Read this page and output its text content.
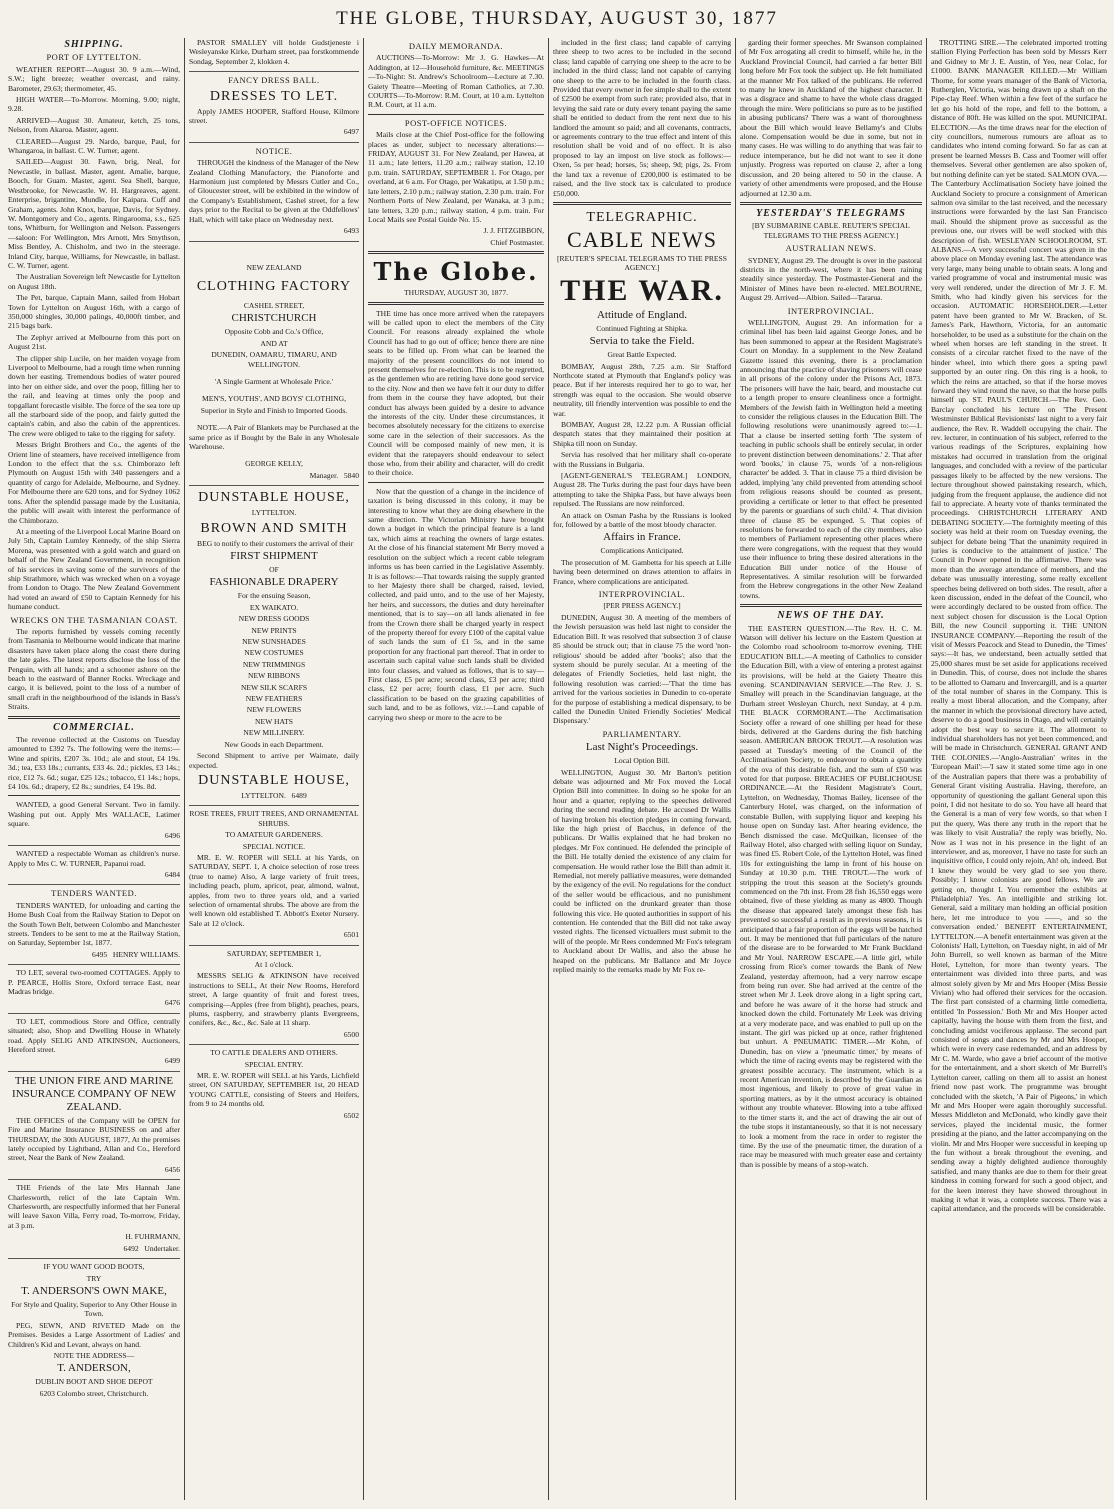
THE GLOBE, THURSDAY, AUGUST 30, 1877
SHIPPING.
PORT OF LYTTELTON.

WEATHER REPORT—August 30. 9 a.m.—Wind, S.W.; light breeze; weather overcast, and rainy. Barometer, 29.63; thermometer, 45.

HIGH WATER—To-Morrow. Morning, 9.00; night, 9.28.

ARRIVED—August 30. Amateur, ketch, 25 tons, Nelson, from Akaroa. Master, agent.

CLEARED—August 29. Nardo, barque, Paul, for Whangaroa, in ballast. C. W. Turner, agent.

SAILED—August 30. Fawn, brig, Neal, for Newcastle, in ballast. Master, agent. Amalie, barque, Booch, for Guam. Master, agent. Sea Shell, barque, Westbrooke, for Newcastle. W. H. Hargreaves, agent. Enterprise, brigantine, Mundle, for Kaipara. Cuff and Graham, agents. John Knox, barque, Davis, for Sydney. W. Montgomery and Co., agents. Ringarooma, s.s., 625 tons, Whitburn, for Wellington and Nelson. Passengers—saloon: For Wellington, Mrs Arnott, Mrs Smythson, Miss Bentley, A. Chisholm, and two in the steerage. Inland City, barque, Williams, for Newcastle, in ballast. C. W. Turner, agent.

The Australian Sovereign left Newcastle for Lyttelton on August 18th.

The Pet, barque, Captain Mann, sailed from Hobart Town for Lyttelton on August 16th, with a cargo of 350,000 shingles, 30,000 palings, 40,000ft timber, and 215 bags bark.

The Zephyr arrived at Melbourne from this port on August 21st.

The clipper ship Lucile, on her maiden voyage from Liverpool to Melbourne, had a rough time when running down her easting. Tremendous bodies of water poured into her on either side, and over the poop, filling her to the rail, and leaving at times only the poop and topgallant forecastle visible. The force of the sea tore up all the starboard side of the poop, and fairly gutted the captain's cabin, and also the cabin of the apprentices. The crew were obliged to take to the rigging for safety.

Messrs Bright Brothers and Co., the agents of the Orient line of steamers, have received intelligence from London to the effect that the s.s. Chimborazo left Plymouth on August 15th with 340 passengers and a quantity of cargo for Adelaide, Melbourne, and Sydney. For Melbourne there are 620 tons, and for Sydney 1062 tons. After the splendid passage made by the Lusitania, the public will await with interest the performance of the Chimborazo.

At a meeting of the Liverpool Local Marine Board on July 5th, Captain Lumley Kennedy, of the ship Sierra Morena, was presented with a gold watch and guard on behalf of the New Zealand Government, in recognition of his services in saving some of the survivors of the ship Strathmore, which was wrecked when on a voyage from London to Otago. The New Zealand Government had voted an award of £50 to Captain Kennedy for his humane conduct.

WRECKS ON THE TASMANIAN COAST.

The reports furnished by vessels coming recently from Tasmania to Melbourne would indicate that marine disasters have taken place along the coast there during the late gales. The latest reports disclose the loss of the Penguin, with all hands; and a schooner ashore on the beach to the eastward of Banner Rocks. Wreckage and cargo, it is believed, point to the loss of a number of small craft in the neighbourhood of the islands in Bass's Straits.

COMMERCIAL.

The revenue collected at the Customs on Tuesday amounted to £392 7s. The following were the items:—Wine and spirits, £207 3s. 10d.; ale and stout, £4 19s. 3d.; tea, £33 18s.; currants, £33 4s. 2d.; pickles, £3 14s.; rice, £12 7s. 6d.; sugar, £25 12s.; tobacco, £1 14s.; hops, £4 10s. 6d.; drapery, £2 8s.; sundries, £4 19s. 8d.

WANTED, a good General Servant. Two in family. Washing put out. Apply Mrs WALLACE, Latimer square.

6496

WANTED a respectable Woman as children's nurse. Apply to Mrs C. W. TURNER, Papanui road.

6484

TENDERS WANTED.

TENDERS WANTED, for unloading and carting the Home Bush Coal from the Railway Station to Depot on the South Town Belt, between Colombo and Manchester streets. Tenders to be sent to me at the Railway Station, on Saturday, September 1st, 1877.

6495 HENRY WILLIAMS.

TO LET, several two-roomed COTTAGES. Apply to P. PEARCE, Hollis Store, Oxford terrace East, near Madras bridge.

6476

TO LET, commodious Store and Office, centrally situated; also, Shop and Dwelling House in Whately road. Apply SELIG AND ATKINSON, Auctioneers, Hereford street.

6499

THE UNION FIRE AND MARINE INSURANCE COMPANY OF NEW ZEALAND.

THE OFFICES of the Company will be OPEN for Fire and Marine Insurance BUSINESS on and after THURSDAY, the 30th AUGUST, 1877, At the premises lately occupied by Lightband, Allan and Co., Hereford street, Near the Bank of New Zealand.

6456

THE Friends of the late Mrs Hannah Jane Charlesworth, relict of the late Captain Wm. Charlesworth, are respectfully informed that her Funeral will leave Saxon Villa, Ferry road, To-morrow, Friday, at 3 p.m.

H. FUHRMANN,

6492 Undertaker.

IF YOU WANT GOOD BOOTS,

TRY

T. ANDERSON'S OWN MAKE,

For Style and Quality, Superior to Any Other House in Town.

PEG, SEWN, AND RIVETED Made on the Premises. Besides a Large Assortment of Ladies' and Children's Kid and Levant, always on hand.

NOTE THE ADDRESS—

T. ANDERSON,

DUBLIN BOOT AND SHOE DEPOT

6203 Colombo street, Christchurch.

PASTOR SMALLEY vill holde Gudstjeneste i Wesleyanske Kirke, Durham street, paa forstkommende Sondag, September 2, klokken 4.

FANCY DRESS BALL.

DRESSES TO LET.

Apply JAMES HOOPER, Stafford House, Kilmore street.

6497

NOTICE.

THROUGH the kindness of the Manager of the New Zealand Clothing Manufactory, the Pianoforte and Harmonium just completed by Messrs Cutler and Co., of Gloucester street, will be exhibited in the window of the Company's Establishment, Cashel street, for a few days prior to the Recital to be given at the Oddfellows' Hall, which will take place on Wednesday next.

6493

NEW ZEALAND

CLOTHING FACTORY

CASHEL STREET,

CHRISTCHURCH

Opposite Cobb and Co.'s Office,

AND AT

DUNEDIN, OAMARU, TIMARU, AND WELLINGTON.

'A Single Garment at Wholesale Price.'

MEN'S, YOUTHS', AND BOYS' CLOTHING,

Superior in Style and Finish to Imported Goods.

NOTE.—A Pair of Blankets may be Purchased at the same price as if Bought by the Bale in any Wholesale Warehouse.

GEORGE KELLY,

Manager. 5840

DUNSTABLE HOUSE,

LYTTELTON.

BROWN AND SMITH

BEG to notify to their customers the arrival of their

FIRST SHIPMENT

OF

FASHIONABLE DRAPERY

For the ensuing Season,

EX WAIKATO.

NEW DRESS GOODS

NEW PRINTS

NEW SUNSHADES

NEW COSTUMES

NEW TRIMMINGS

NEW RIBBONS

NEW SILK SCARFS

NEW FEATHERS

NEW FLOWERS

NEW HATS

NEW MILLINERY.

New Goods in each Department.

Second Shipment to arrive per Waimate, daily expected.

DUNSTABLE HOUSE,

LYTTELTON. 6489

ROSE TREES, FRUIT TREES, AND ORNAMENTAL SHRUBS.

TO AMATEUR GARDENERS.

SPECIAL NOTICE.

MR. E. W. ROPER will SELL at his Yards, on SATURDAY, SEPT. 1, A choice selection of rose trees (true to name) Also, A large variety of fruit trees, including peach, plum, apricot, pear, almond, walnut, apples, from two to three years old, and a varied selection of ornamental shrubs. The above are from the well known old established T. Abbott's Exeter Nursery. Sale at 12 o'clock.

6501

SATURDAY, SEPTEMBER 1,

At 1 o'clock.

MESSRS SELIG & ATKINSON have received instructions to SELL, At their New Rooms, Hereford street, A large quantity of fruit and forest trees, comprising—Apples (free from blight), peaches, pears, plums, raspberry, and strawberry plants Evergreens, conifers, &c., &c., &c. Sale at 11 sharp.

6500

TO CATTLE DEALERS AND OTHERS.

SPECIAL ENTRY.

MR. E. W. ROPER will SELL at his Yards, Lichfield street, ON SATURDAY, SEPTEMBER 1st, 20 HEAD YOUNG CATTLE, consisting of Steers and Heifers, from 9 to 24 months old.

6502

DAILY MEMORANDA.

AUCTIONS—To-Morrow: Mr J. G. Hawkes—At Addington, at 12—Household furniture, &c. MEETINGS—To-Night: St. Andrew's Schoolroom—Lecture at 7.30. Gaiety Theatre—Meeting of Roman Catholics, at 7.30. COURTS—To-Morrow: R.M. Court, at 10 a.m. Lyttelton R.M. Court, at 11 a.m.

POST-OFFICE NOTICES.

Mails close at the Chief Post-office for the following places as under, subject to necessary alterations:— FRIDAY, AUGUST 31. For New Zealand, per Hawea, at 11 a.m.; late letters, 11.20 a.m.; railway station, 12.10 p.m. train. SATURDAY, SEPTEMBER 1. For Otago, per overland, at 6 a.m. For Otago, per Wakatipu, at 1.50 p.m.; late letters, 2.10 p.m.; railway station, 2.30 p.m. train. For Northern Ports of New Zealand, per Wanaka, at 3 p.m.; late letters, 3.20 p.m.; railway station, 4 p.m. train. For Local Mails see Postal Guide No. 15.

J. J. FITZGIBBON,

Chief Postmaster.

The Globe.

THURSDAY, AUGUST 30, 1877.

THE time has once more arrived when the ratepayers will be called upon to elect the members of the City Council. For reasons already explained the whole Council has had to go out of office; hence there are nine seats to be filled up. From what can be learned the majority of the present councillors do not intend to present themselves for re-election. This is to be regretted, as the gentlemen who are retiring have done good service to the city. Now and then we have felt it our duty to differ from them in the course they have adopted, but their conduct has always been guided by a desire to advance the interests of the city. Under these circumstances, it becomes absolutely necessary for the citizens to exercise some care in the selection of their successors. As the Council will be composed mainly of new men, it is evident that the ratepayers should endeavour to select those who, from their ability and character, will do credit to their choice.

Now that the question of a change in the incidence of taxation is being discussed in this colony, it may be interesting to know what they are doing elsewhere in the same direction. The Victorian Ministry have brought down a budget in which the principal feature is a land tax, which aims at reaching the owners of large estates. At the close of his financial statement Mr Berry moved a resolution on the subject which a recent cable telegram informs us has been carried in the Legislative Assembly. It is as follows:—That towards raising the supply granted to her Majesty there shall be charged, raised, levied, collected, and paid unto, and to the use of her Majesty, her heirs, and successors, the duties and duty hereinafter mentioned, that is to say—on all lands alienated in fee from the Crown there shall be charged yearly in respect of the property thereof for every £100 of the capital value of such lands the sum of £1 5s, and in the same proportion for any fractional part thereof. That in order to ascertain such capital value such lands shall be divided into four classes, and valued as follows, that is to say—First class, £5 per acre; second class, £3 per acre; third class, £2 per acre; fourth class, £1 per acre. Such classification to be based on the grazing capabilities of such land, and to be as follows, viz.:—Land capable of carrying two sheep or more to the acre to be

included in the first class; land capable of carrying three sheep to two acres to be included in the second class; land capable of carrying one sheep to the acre to be included in the third class; land not capable of carrying one sheep to the acre to be included in the fourth class. Provided that every owner in fee simple shall to the extent of £2500 be exempt from such rate; provided also, that in levying the said rate or duty every tenant paying the same shall be entitled to deduct from the rent next due to his landlord the amount so paid; and all covenants, contracts, or agreements contrary to the true effect and intent of this resolution shall be void and of no effect. It is also proposed to lay an impost on live stock as follows:—Oxen, 5s per head; horses, 5s; sheep, 9d; pigs, 2s. From the land tax a revenue of £200,000 is estimated to be raised, and the live stock tax is calculated to produce £50,000.

TELEGRAPHIC.

CABLE NEWS

[REUTER'S SPECIAL TELEGRAMS TO THE PRESS AGENCY.]

THE WAR.

Attitude of England.

Continued Fighting at Shipka.

Servia to take the Field.

Great Battle Expected.

BOMBAY, August 28th, 7.25 a.m. Sir Stafford Northcote stated at Plymouth that England's policy was peace. But if her interests required her to go to war, her strength was equal to the occasion. She would observe neutrality, till friendly intervention was possible to end the war.

BOMBAY, August 28, 12.22 p.m. A Russian official despatch states that they maintained their position at Shipka till noon on Sunday.

Servia has resolved that her military shall co-operate with the Russians in Bulgaria.

[AGENT-GENERAL'S TELEGRAM.] LONDON, August 28. The Turks during the past four days have been attempting to take the Shipka Pass, but have always been repulsed. The Russians are now reinforced.

An attack on Osman Pasha by the Russians is looked for, followed by a battle of the most bloody character.

Affairs in France.

Complications Anticipated.

The prosecution of M. Gambetta for his speech at Lille having been determined on draws attention to affairs in France, where complications are anticipated.

INTERPROVINCIAL.

[PER PRESS AGENCY.]

DUNEDIN, August 30. A meeting of the members of the Jewish persuasion was held last night to consider the Education Bill. It was resolved that subsection 3 of clause 85 should be struck out; that in clause 75 the word 'non-religious' should be added after 'books'; also that the system should be purely secular. At a meeting of the delegates of Friendly Societies, held last night, the following resolution was carried:—'That the time has arrived for the various societies in Dunedin to co-operate for the purpose of establishing a medical dispensary, to be called the Dunedin United Friendly Societies' Medical Dispensary.'

PARLIAMENTARY.

Last Night's Proceedings.

Local Option Bill.

WELLINGTON, August 30. Mr Barton's petition debate was adjourned and Mr Fox moved the Local Option Bill into committee. In doing so he spoke for an hour and a quarter, replying to the speeches delivered during the second reading debate. He accused Dr Wallis of having broken his election pledges in coming forward, like the high priest of Bacchus, in defence of the publicans. Dr Wallis explained that he had broken no pledges. Mr Fox continued. He defended the principle of the Bill. He totally denied the existence of any claim for compensation. He would rather lose the Bill than admit it. Remedial, not merely palliative measures, were demanded by the exigency of the evil. No regulations for the conduct of the seller would be efficacious, and no punishment could be inflicted on the drunkard greater than those following this vice. He quoted authorities in support of his contention. He contended that the Bill did not take away vested rights. The licensed victuallers must submit to the will of the people. Mr Rees condemned Mr Fox's telegram to Auckland about Dr Wallis, and also the abuse he heaped on the publicans. Mr Ballance and Mr Joyce replied mainly to the remarks made by Mr Fox re-

garding their former speeches. Mr Swanson complained of Mr Fox arrogating all credit to himself, while he, in the Auckland Provincial Council, had carried a far better Bill long before Mr Fox took the subject up. He felt humiliated at the manner Mr Fox talked of the publicans. He referred to many he knew in Auckland of the highest character. It was a disgrace and shame to have the whole class dragged through the mire. Were politicians so pure as to be justified in abusing publicans? There was a want of thoroughness about the Bill which would leave Bellamy's and Clubs alone. Compensation would be due in some, but not in many cases. He was willing to do anything that was fair to reduce intemperance, but he did not want to see it done unjustly. Progress was reported on clause 2, after a long discussion, and 20 being altered to 50 in the clause. A variety of other amendments were proposed, and the House adjourned at 12.30 a.m.

YESTERDAY'S TELEGRAMS

[BY SUBMARINE CABLE. REUTER'S SPECIAL TELEGRAMS TO THE PRESS AGENCY.]

AUSTRALIAN NEWS.

SYDNEY, August 29. The drought is over in the pastoral districts in the north-west, where it has been raining steadily since yesterday. The Postmaster-General and the Minister of Mines have been re-elected. MELBOURNE, August 29. Arrived—Albion. Sailed—Tararua.

INTERPROVINCIAL.

WELLINGTON, August 29. An information for a criminal libel has been laid against George Jones, and he has been summoned to appear at the Resident Magistrate's Court on Monday. In a supplement to the New Zealand Gazette issued this evening, there is a proclamation announcing that the practice of shaving prisoners will cease in all prisons of the colony under the Prisons Act, 1873. The prisoners will have the hair, beard, and moustache cut to a length proper to ensure cleanliness once a fortnight. Members of the Jewish faith in Wellington held a meeting to consider the religious clauses in the Education Bill. The following resolutions were unanimously agreed to:—1. That a clause be inserted setting forth 'The system of teaching in public schools shall be entirely secular, in order to prevent distinction between denominations.' 2. That after word 'books,' in clause 75, words 'of a non-religious character' be added. 3. That in clause 75 a third division be added, implying 'any child prevented from attending school from religious reasons should be counted as present, providing a certificate or letter to that effect be presented by the parents or guardians of such child.' 4. That division three of clause 85 be expunged. 5. That copies of resolutions be forwarded to each of the city members, also to members of Parliament representing other places where there were congregations, with the request that they would use their influence to bring these desired alterations in the Education Bill under notice of the House of Representatives. A similar resolution will be forwarded from the Hebrew congregations in the other New Zealand towns.

NEWS OF THE DAY.

THE EASTERN QUESTION.—The Rev. H. C. M. Watson will deliver his lecture on the Eastern Question at the Colombo road schoolroom to-morrow evening. THE EDUCATION BILL.—A meeting of Catholics to consider the Education Bill, with a view of entering a protest against its provisions, will be held at the Gaiety Theatre this evening. SCANDINAVIAN SERVICE.—The Rev. J. S. Smalley will preach in the Scandinavian language, at the Durham street Wesleyan Church, next Sunday, at 4 p.m. THE BLACK CORMORANT.—The Acclimatisation Society offer a reward of one shilling per head for these birds, delivered at the Gardens during the fish hatching season. AMERICAN BROOK TROUT.—A resolution was passed at Tuesday's meeting of the Council of the Acclimatisation Society, to endeavour to obtain a quantity of the ova of this desirable fish, and the sum of £50 was voted for that purpose. BREACHES OF PUBLICHOUSE ORDINANCE.—At the Resident Magistrate's Court, Lyttelton, on Wednesday, Thomas Bailey, licensee of the Canterbury Hotel, was charged, on the information of constable Bullen, with supplying liquor and keeping his house open on Sunday last. After hearing evidence, the Bench dismissed the case. McQuilkan, licensee of the Railway Hotel, also charged with selling liquor on Sunday, was fined £5. Robert Cole, of the Lyttelton Hotel, was fined 10s for extinguishing the lamp in front of his house on Sunday at 10.30 p.m. THE TROUT.—The work of stripping the trout this season at the Society's grounds commenced on the 7th inst. From 28 fish 16,550 eggs were obtained, five of these yielding as many as 4800. Though the disease that appeared lately amongst these fish has prevented so successful a result as in previous seasons, it is anticipated that a fair proportion of the eggs will be hatched out. It may be mentioned that full particulars of the nature of the disease are to be forwarded to Mr Frank Buckland and Mr Youl. NARROW ESCAPE.—A little girl, while crossing from Rice's corner towards the Bank of New Zealand, yesterday afternoon, had a very narrow escape from being run over. She had arrived at the centre of the street when Mr J. Leek drove along in a light spring cart, and before he was aware of it the horse had struck and knocked down the child. Fortunately Mr Leek was driving at a very moderate pace, and was enabled to pull up on the instant. The girl was picked up at once, rather frightened but unhurt. A PNEUMATIC TIMER.—Mr Kohn, of Dunedin, has on view a 'pneumatic timer,' by means of which the time of racing events may be registered with the greatest possible accuracy. The instrument, which is a recent American invention, is described by the Guardian as most ingenious, and likely to prove of great value in sporting matters, as by it the utmost accuracy is obtained without any trouble whatever. Blowing into a tube affixed to the timer starts it, and the act of drawing the air out of the tube stops it instantaneously, so that it is not necessary to look a moment from the race in order to register the time. By the use of the pneumatic timer, the duration of a race may be measured with much greater ease and certainty than is possible by means of a stop-watch.

TROTTING SIRE.—The celebrated imported trotting stallion Flying Perfection has been sold by Messrs Kerr and Gidney to Mr J. E. Austin, of Yeo, near Colac, for £1000. BANK MANAGER KILLED.—Mr William Thorne, for some years manager of the Bank of Victoria, Rutherglen, Victoria, was being drawn up a shaft on the Pipe-clay Reef. When within a few feet of the surface he let go his hold of the rope, and fell to the bottom, a distance of 80ft. He was killed on the spot. MUNICIPAL ELECTION.—As the time draws near for the election of city councillors, numerous rumours are afloat as to candidates who intend coming forward. So far as can at present be learned Messrs B. Cass and Toomer will offer themselves. Several other gentlemen are also spoken of, but nothing definite can yet be stated. SALMON OVA.—The Canterbury Acclimatisation Society have joined the Auckland Society to procure a consignment of American salmon ova similar to the last received, and the necessary instructions were forwarded by the last San Francisco mail. Should the shipment prove as successful as the previous one, our rivers will be well stocked with this description of fish. WESLEYAN SCHOOLROOM, ST. ALBANS.—A very successful concert was given in the above place on Monday evening last. The attendance was very large, many being unable to obtain seats. A long and varied programme of vocal and instrumental music was very well rendered, under the direction of Mr J. F. M. Smith, who had kindly given his services for the occasion. AUTOMATIC HORSEHOLDER.—Letter patent have been granted to Mr W. Bracken, of St. James's Park, Hawthorn, Victoria, for an automatic horseholder, to be used as a substitute for the chain on the wheel when horses are left standing in the street. It consists of a circular ratchet fixed to the nave of the hinder wheel, into which there goes a spring pawl supported by an outer ring. On this ring is a hook, to which the reins are attached, so that if the horse moves forward they wind round the nave, so that the horse pulls himself up. ST. PAUL'S CHURCH.—The Rev. Geo. Barclay concluded his lecture on 'The Present Westminster Biblical Revisionists' last night to a very fair audience, the Rev. R. Waddell occupying the chair. The rev. lecturer, in continuation of his subject, referred to the various readings of the Scriptures, explaining how mistakes had occurred in translation from the original languages, and concluded with a review of the particular passages likely to be affected by the new versions. The lecture throughout showed painstaking research, which, judging from the frequent applause, the audience did not fail to appreciate. A hearty vote of thanks terminated the proceedings. CHRISTCHURCH LITERARY AND DEBATING SOCIETY.—The fortnightly meeting of this society was held at their room on Tuesday evening, the subject for debate being 'That the unanimity required in juries is conducive to the attainment of justice.' The Council in Power opened in the affirmative. There was more than the average attendance of members, and the debate was unusually interesting, some really excellent speeches being delivered on both sides. The result, after a keen discussion, ended in the defeat of the Council, who were accordingly declared to be ousted from office. The next subject chosen for discussion is the Local Option Bill, the new Council supporting it. THE UNION INSURANCE COMPANY.—Reporting the result of the visit of Messrs Peacock and Stead to Dunedin, the 'Times' says:—It has, we understand, been actually settled that 25,000 shares must be set aside for applications received in Dunedin. This, of course, does not include the shares to be allotted to Oamaru and Invercargill, and is a quarter of the total number of shares in the Company. This is really a most liberal allocation, and the Company, after the manner in which the provisional directory have acted, deserve to do a good business in Otago, and will certainly adopt the best way to secure it. The allotment to individual shareholders has not yet been commenced, and will be made in Christchurch. GENERAL GRANT AND THE COLONIES.—'Anglo-Australian' writes in the 'European Mail':—'I saw it stated some time ago in one of the Australian papers that there was a probability of General Grant visiting Australia. Having, therefore, an opportunity of questioning the gallant General upon this point, I did not hesitate to do so. You have all heard that the General is a man of very few words, so that when I put the query, Was there any truth in the report that he was likely to visit Australia? the reply was briefly, No. Now as I was not in his presence in the light of an interviewer, and as, moreover, I have no taste for such an inquisitive office, I could only rejoin, Ah! oh, indeed. But I knew they would be very glad to see you there. Possibly; I know colonists are good fellows. We are getting on, thought I. You remember the exhibits at Philadelphia? Yes. An intelligible and striking lot. General, said a military man holding an official position here, let me introduce to you ——, and so the conversation ended.' BENEFIT ENTERTAINMENT, LYTTELTON.—A benefit entertainment was given at the Colonists' Hall, Lyttelton, on Tuesday night, in aid of Mr John Burrell, so well known as barman of the Mitre Hotel, Lyttelton, for more than twenty years. The entertainment was divided into three parts, and was almost solely given by Mr and Mrs Hooper (Miss Bessie Vivian) who had offered their services for the occasion. The first part consisted of a charming little comedietta, entitled 'In Possession.' Both Mr and Mrs Hooper acted capitally, having the house with them from the first, and concluding amidst vociferous applause. The second part consisted of songs and dances by Mr and Mrs Hooper, which were in every case redemanded, and an address by Mr C. M. Warde, who gave a brief account of the motive for the entertainment, and a short sketch of Mr Burrell's Lyttelton career, calling on them all to assist an honest friend now past work. The programme was brought concluded with the sketch, 'A Pair of Pigeons,' in which Mr and Mrs Hooper were again thoroughly successful. Messrs Middleton and McDonald, who kindly gave their services, played the incidental music, the former presiding at the piano, and the latter accompanying on the violin. Mr and Mrs Hooper were successful in keeping up the fun without a break throughout the evening, and sending away a highly delighted audience thoroughly satisfied, and many thanks are due to them for their great kindness in coming forward for such a good object, and for the keen interest they have showed throughout in making it what it was, a complete success. There was a capital attendance, and the proceeds will be considerable.
